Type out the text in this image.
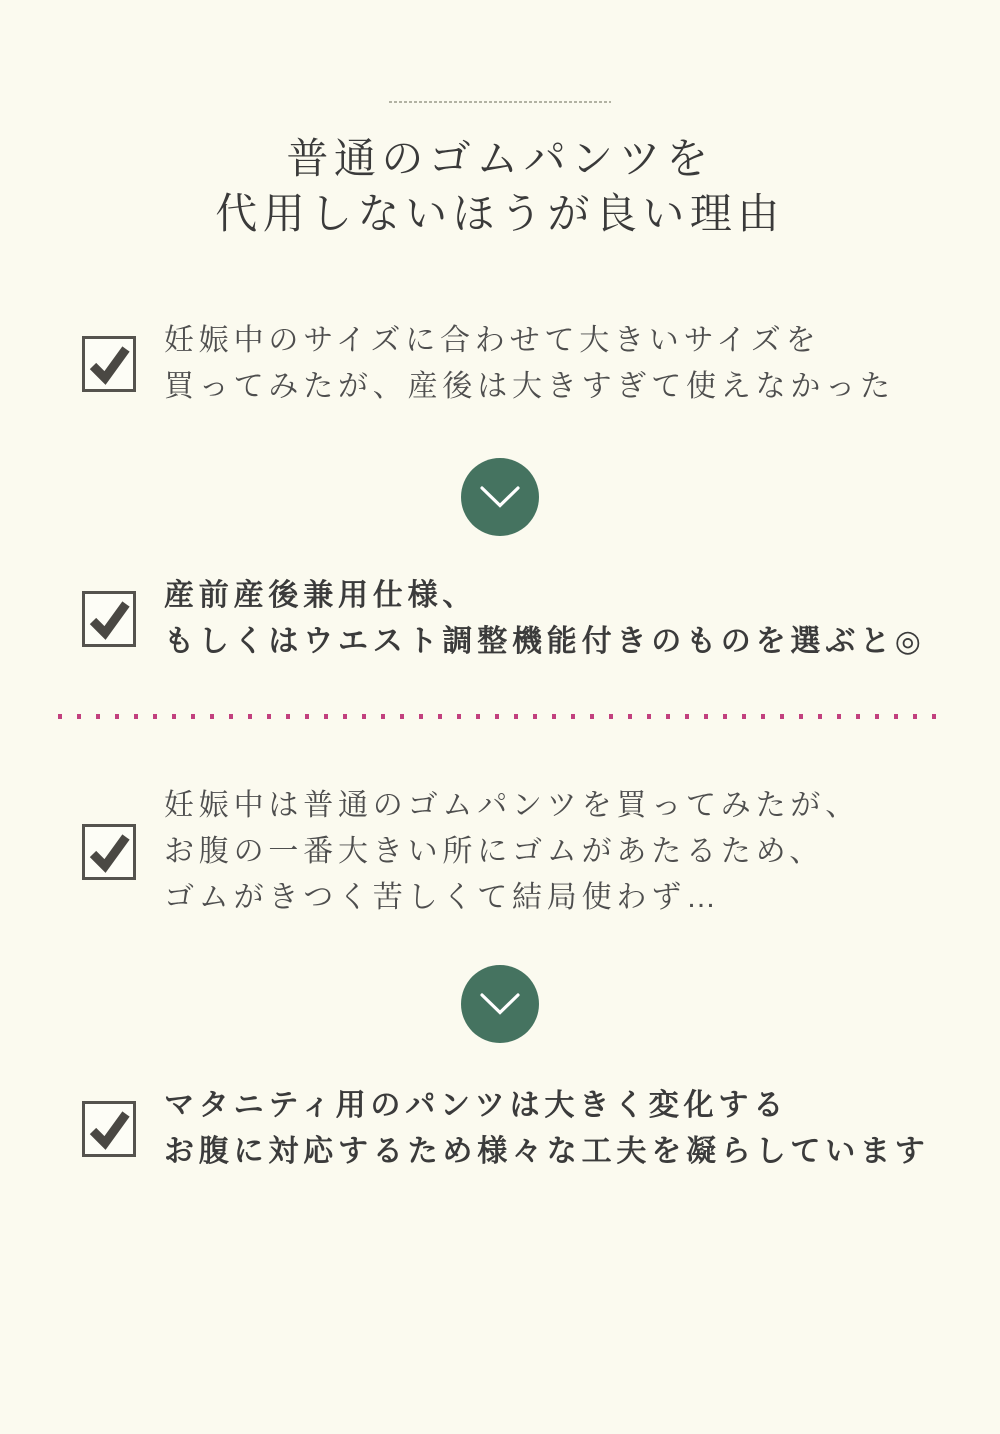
普通のゴムパンツを
代用しないほうが良い理由
妊娠中のサイズに合わせて大きいサイズを
買ってみたが、産後は大きすぎて使えなかった
産前産後兼用仕様、
もしくはウエスト調整機能付きのものを選ぶと◎
妊娠中は普通のゴムパンツを買ってみたが、
お腹の一番大きい所にゴムがあたるため、
ゴムがきつく苦しくて結局使わず…
マタニティ用のパンツは大きく変化する
お腹に対応するため様々な工夫を凝らしています
